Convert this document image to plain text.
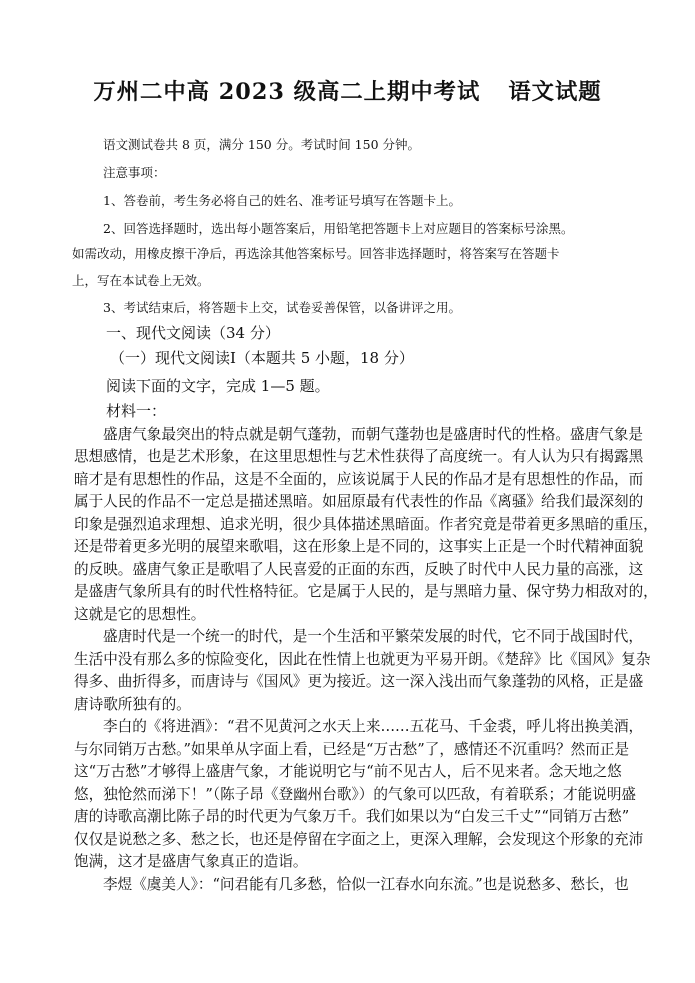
万州二中高 2023 级高二上期中考试 语文试题
语文测试卷共 8 页，满分 150 分。考试时间 150 分钟。
注意事项：
1、答卷前，考生务必将自己的姓名、准考证号填写在答题卡上。
2、回答选择题时，选出每小题答案后，用铅笔把答题卡上对应题目的答案标号涂黑。
如需改动，用橡皮擦干净后，再选涂其他答案标号。回答非选择题时，将答案写在答题卡
上，写在本试卷上无效。
3、考试结束后，将答题卡上交，试卷妥善保管，以备讲评之用。
一、现代文阅读（34 分）
（一）现代文阅读Ⅰ（本题共 5 小题，18 分）
阅读下面的文字，完成 1—5 题。
材料一：
盛唐气象最突出的特点就是朝气蓬勃，而朝气蓬勃也是盛唐时代的性格。盛唐气象是
思想感情，也是艺术形象，在这里思想性与艺术性获得了高度统一。有人认为只有揭露黑
暗才是有思想性的作品，这是不全面的，应该说属于人民的作品才是有思想性的作品，而
属于人民的作品不一定总是描述黑暗。如屈原最有代表性的作品《离骚》给我们最深刻的
印象是强烈追求理想、追求光明，很少具体描述黑暗面。作者究竟是带着更多黑暗的重压，
还是带着更多光明的展望来歌唱，这在形象上是不同的，这事实上正是一个时代精神面貌
的反映。盛唐气象正是歌唱了人民喜爱的正面的东西，反映了时代中人民力量的高涨，这
是盛唐气象所具有的时代性格特征。它是属于人民的，是与黑暗力量、保守势力相敌对的，
这就是它的思想性。
盛唐时代是一个统一的时代，是一个生活和平繁荣发展的时代，它不同于战国时代，
生活中没有那么多的惊险变化，因此在性情上也就更为平易开朗。《楚辞》比《国风》复杂
得多、曲折得多，而唐诗与《国风》更为接近。这一深入浅出而气象蓬勃的风格，正是盛
唐诗歌所独有的。
李白的《将进酒》：“君不见黄河之水天上来……五花马、千金裘，呼儿将出换美酒，
与尔同销万古愁。”如果单从字面上看，已经是“万古愁”了，感情还不沉重吗？然而正是
这“万古愁”才够得上盛唐气象，才能说明它与“前不见古人，后不见来者。念天地之悠
悠，独怆然而涕下！”（陈子昂《登幽州台歌》）的气象可以匹敌，有着联系；才能说明盛
唐的诗歌高潮比陈子昂的时代更为气象万千。我们如果以为“白发三千丈”“同销万古愁”
仅仅是说愁之多、愁之长，也还是停留在字面之上，更深入理解，会发现这个形象的充沛
饱满，这才是盛唐气象真正的造诣。
李煜《虞美人》：“问君能有几多愁，恰似一江春水向东流。”也是说愁多、愁长，也
